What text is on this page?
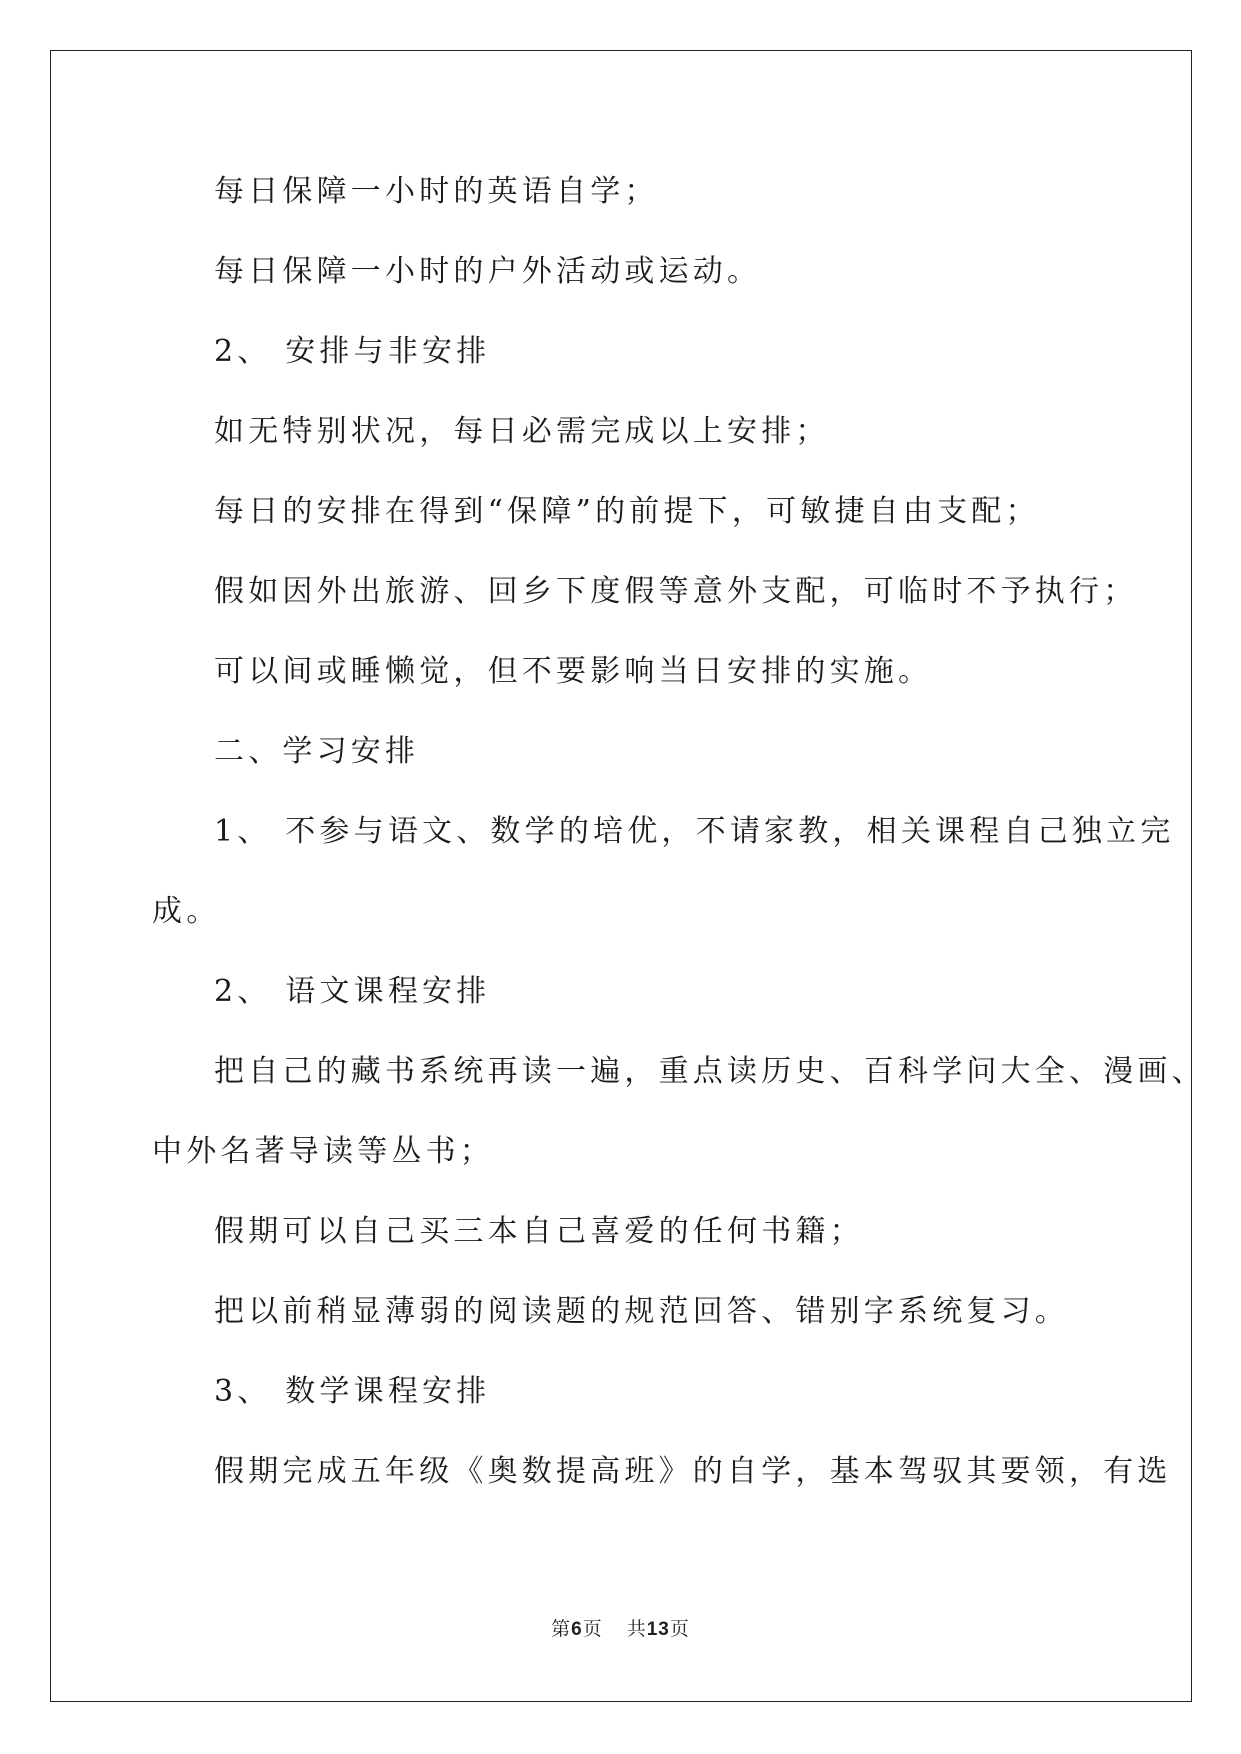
每日保障一小时的英语自学；
每日保障一小时的户外活动或运动。
2、 安排与非安排
如无特别状况，每日必需完成以上安排；
每日的安排在得到“保障”的前提下，可敏捷自由支配；
假如因外出旅游、回乡下度假等意外支配，可临时不予执行；
可以间或睡懒觉，但不要影响当日安排的实施。
二、学习安排
1、 不参与语文、数学的培优，不请家教，相关课程自己独立完
成。
2、 语文课程安排
把自己的藏书系统再读一遍，重点读历史、百科学问大全、漫画、
中外名著导读等丛书；
假期可以自己买三本自己喜爱的任何书籍；
把以前稍显薄弱的阅读题的规范回答、错别字系统复习。
3、 数学课程安排
假期完成五年级《奥数提高班》的自学，基本驾驭其要领，有选
第6页 共13页
